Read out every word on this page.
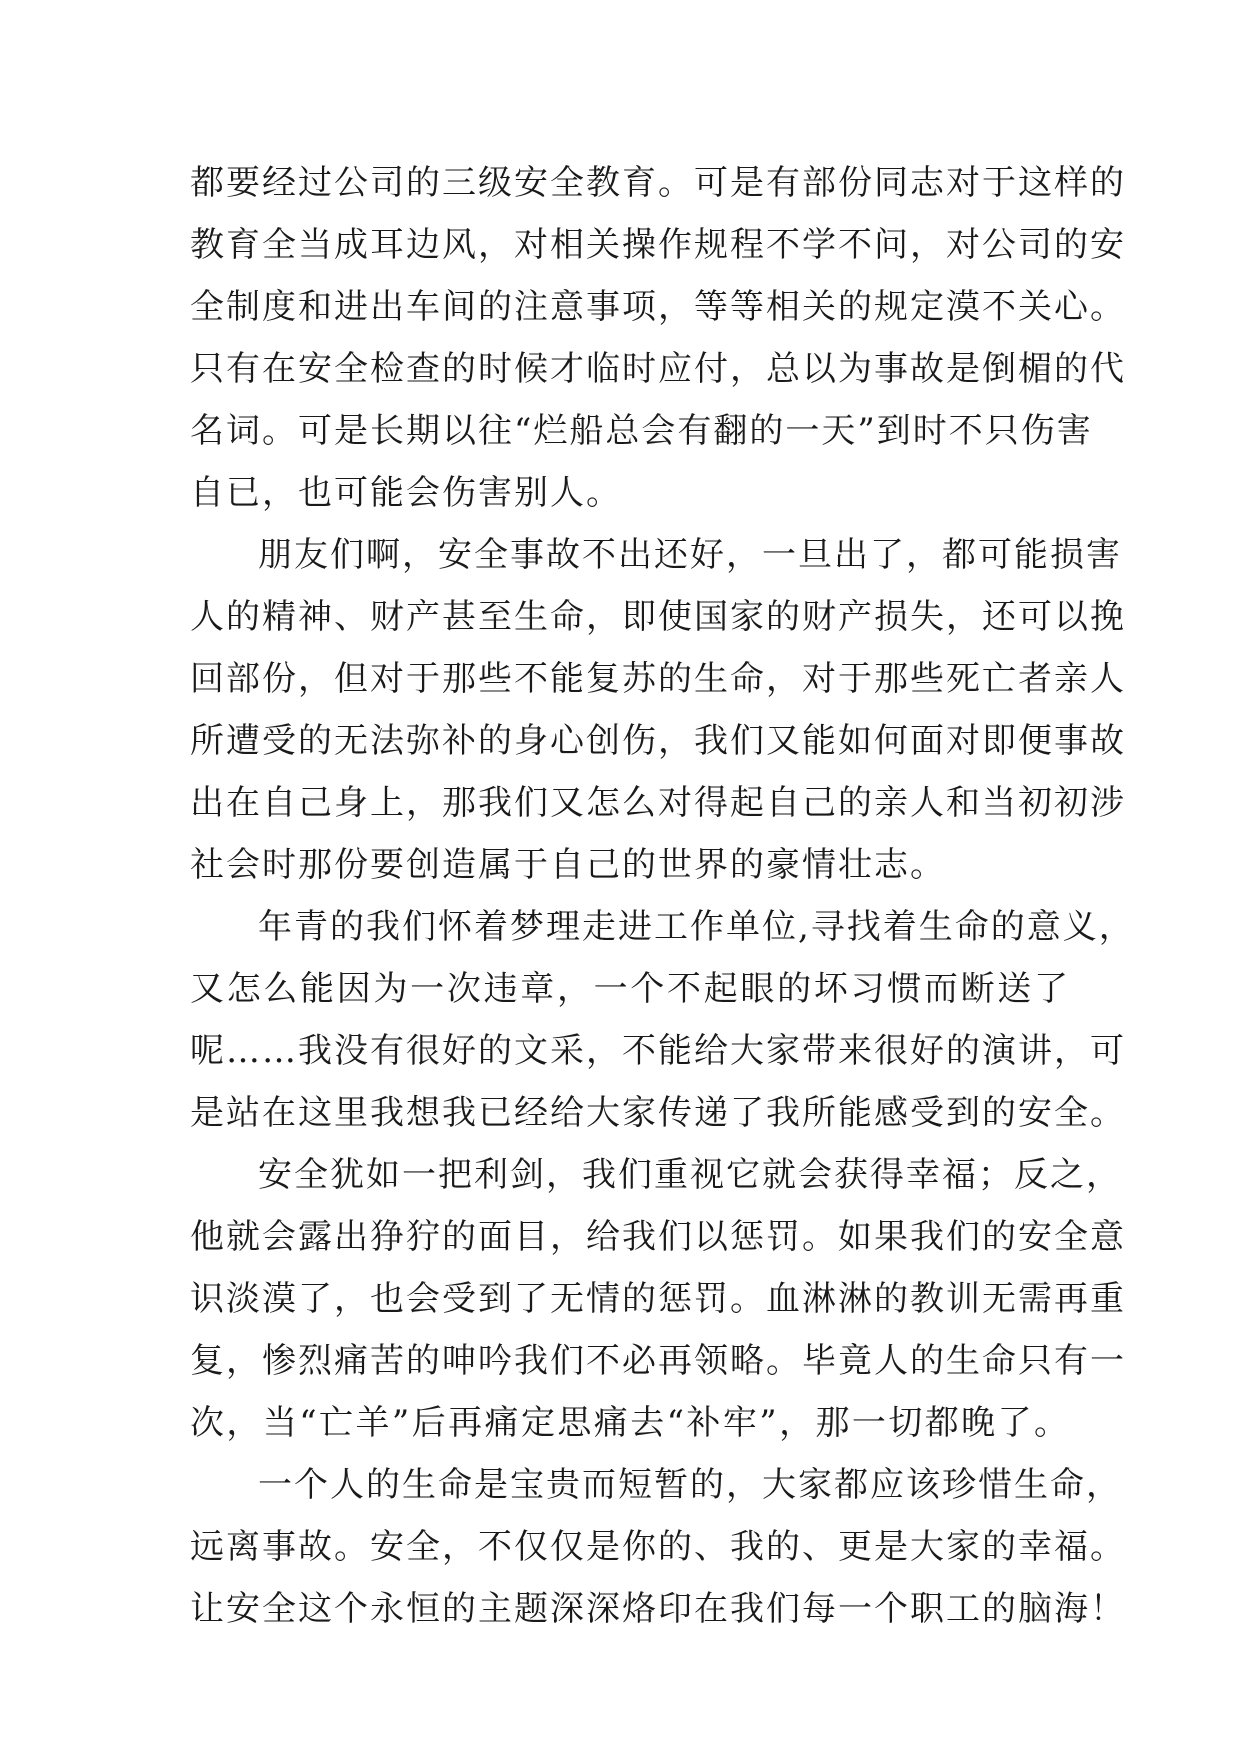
都要经过公司的三级安全教育。可是有部份同志对于这样的
教育全当成耳边风，对相关操作规程不学不问，对公司的安
全制度和进出车间的注意事项，等等相关的规定漠不关心。
只有在安全检查的时候才临时应付，总以为事故是倒楣的代
名词。可是长期以往“烂船总会有翻的一天”到时不只伤害
自已，也可能会伤害别人。
朋友们啊，安全事故不出还好，一旦出了，都可能损害
人的精神、财产甚至生命，即使国家的财产损失，还可以挽
回部份，但对于那些不能复苏的生命，对于那些死亡者亲人
所遭受的无法弥补的身心创伤，我们又能如何面对即便事故
出在自己身上，那我们又怎么对得起自己的亲人和当初初涉
社会时那份要创造属于自己的世界的豪情壮志。
年青的我们怀着梦理走进工作单位,寻找着生命的意义，
又怎么能因为一次违章，一个不起眼的坏习惯而断送了
呢……我没有很好的文采，不能给大家带来很好的演讲，可
是站在这里我想我已经给大家传递了我所能感受到的安全。
安全犹如一把利剑，我们重视它就会获得幸福；反之，
他就会露出狰狞的面目，给我们以惩罚。如果我们的安全意
识淡漠了，也会受到了无情的惩罚。血淋淋的教训无需再重
复，惨烈痛苦的呻吟我们不必再领略。毕竟人的生命只有一
次，当“亡羊”后再痛定思痛去“补牢”，那一切都晚了。
一个人的生命是宝贵而短暂的，大家都应该珍惜生命，
远离事故。安全，不仅仅是你的、我的、更是大家的幸福。
让安全这个永恒的主题深深烙印在我们每一个职工的脑海！
